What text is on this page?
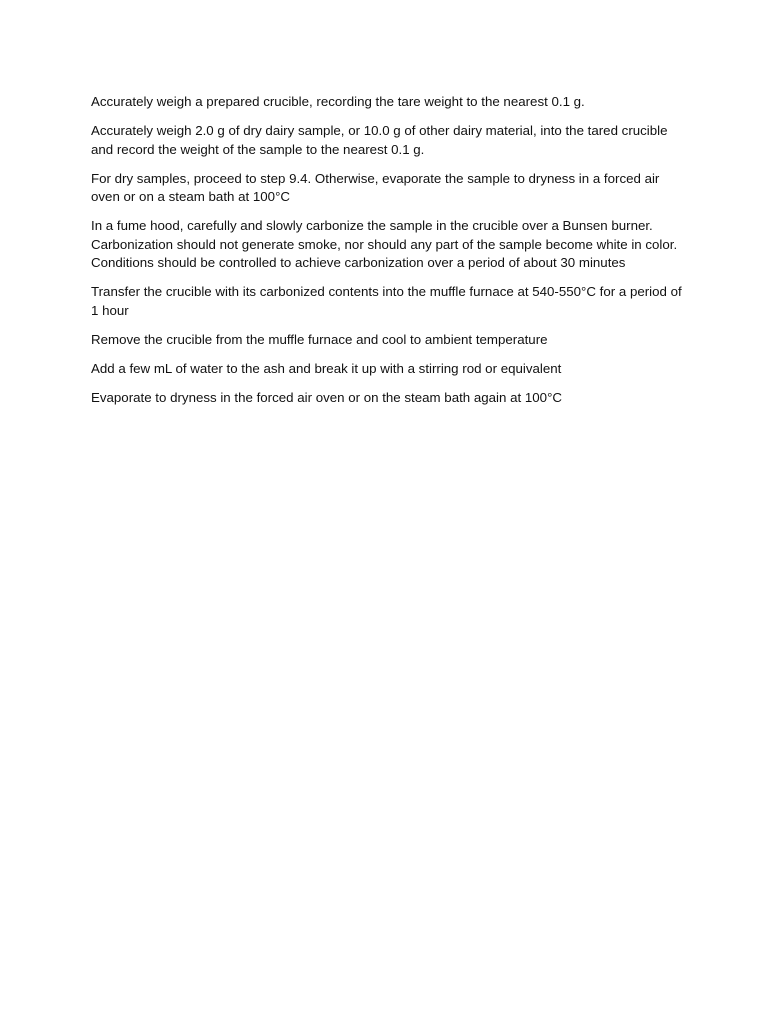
Accurately weigh a prepared crucible, recording the tare weight to the nearest 0.1 g.

Accurately weigh 2.0 g of dry dairy sample, or 10.0 g of other dairy material, into the tared crucible and record the weight of the sample to the nearest 0.1 g.

For dry samples, proceed to step 9.4. Otherwise, evaporate the sample to dryness in a forced air oven or on a steam bath at 100°C

In a fume hood, carefully and slowly carbonize the sample in the crucible over a Bunsen burner. Carbonization should not generate smoke, nor should any part of the sample become white in color. Conditions should be controlled to achieve carbonization over a period of about 30 minutes

Transfer the crucible with its carbonized contents into the muffle furnace at 540-550°C for a period of 1 hour

Remove the crucible from the muffle furnace and cool to ambient temperature

Add a few mL of water to the ash and break it up with a stirring rod or equivalent

Evaporate to dryness in the forced air oven or on the steam bath again at 100°C
